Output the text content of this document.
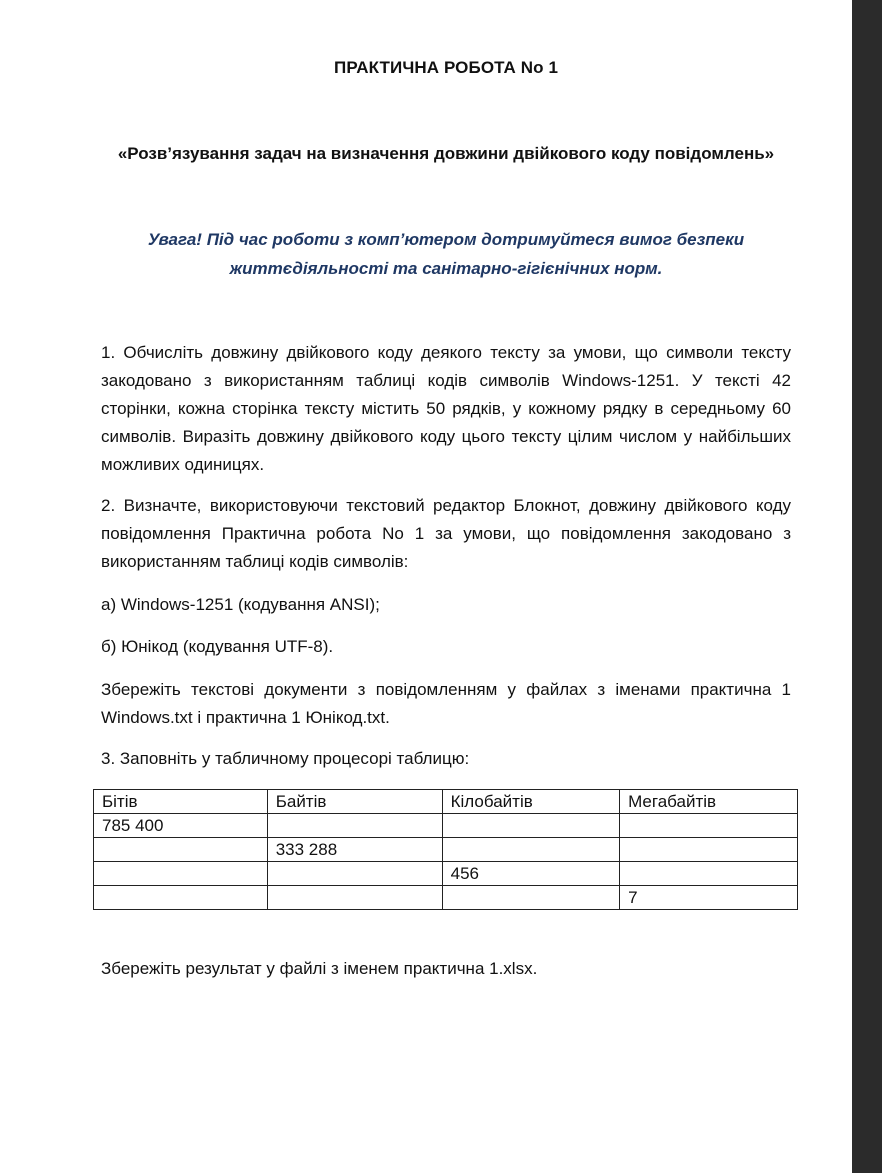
ПРАКТИЧНА РОБОТА No 1
«Розв’язування задач на визначення довжини двійкового коду повідомлень»
Увага! Під час роботи з комп’ютером дотримуйтеся вимог безпеки
життєдіяльності та санітарно-гігієнічних норм.
1. Обчисліть довжину двійкового коду деякого тексту за умови, що символи тексту закодовано з використанням таблиці кодів символів Windows-1251. У тексті 42 сторінки, кожна сторінка тексту містить 50 рядків, у кожному рядку в середньому 60 символів. Виразіть довжину двійкового коду цього тексту цілим числом у найбільших можливих одиницях.
2. Визначте, використовуючи текстовий редактор Блокнот, довжину двійкового коду повідомлення Практична робота No 1 за умови, що повідомлення закодовано з використанням таблиці кодів символів:
а) Windows-1251 (кодування ANSI);
б) Юнікод (кодування UTF-8).
Збережіть текстові документи з повідомленням у файлах з іменами практична 1 Windows.txt і практична 1 Юнікод.txt.
3. Заповніть у табличному процесорі таблицю:
Бітів	Байтів	Кілобайтів	Мегабайтів
785 400			
	333 288		
		456	
			7
Збережіть результат у файлі з іменем практична 1.xlsx.
